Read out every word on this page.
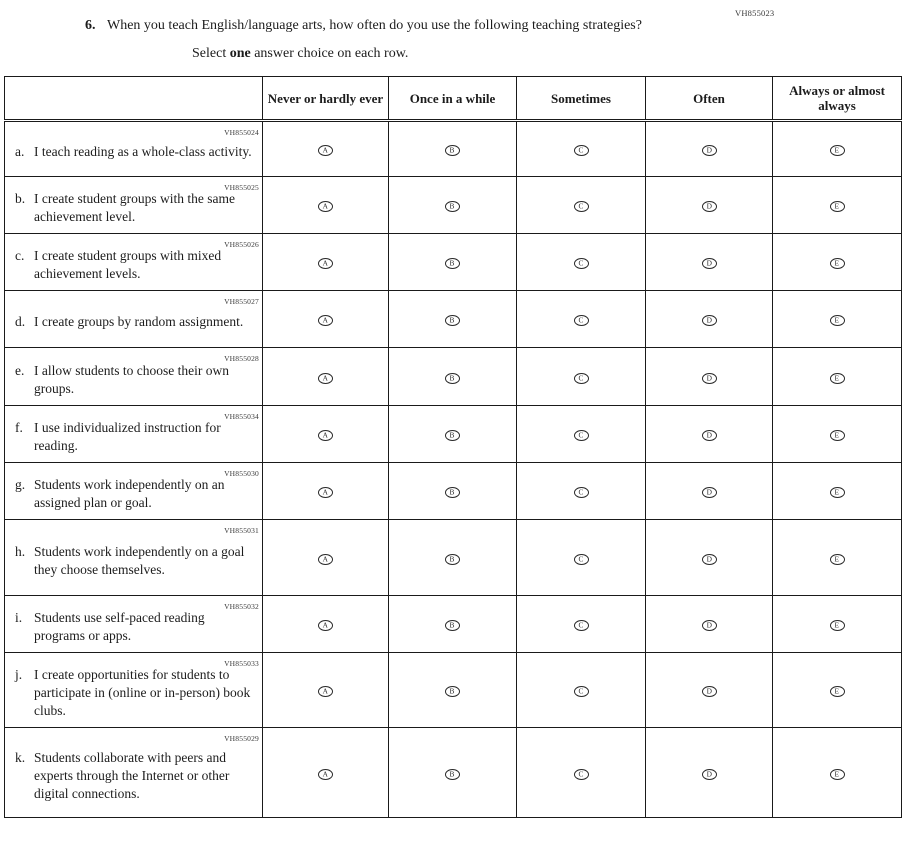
VH855023
6. When you teach English/language arts, how often do you use the following teaching strategies?
Select one answer choice on each row.
	Never or hardly ever	Once in a while	Sometimes	Often	Always or almost always

VH855024
a. I teach reading as a whole-class activity.	A	B	C	D	E

VH855025
b. I create student groups with the same achievement level.	A	B	C	D	E

VH855026
c. I create student groups with mixed achievement levels.	A	B	C	D	E

VH855027
d. I create groups by random assignment.	A	B	C	D	E

VH855028
e. I allow students to choose their own groups.	A	B	C	D	E

VH855034
f. I use individualized instruction for reading.	A	B	C	D	E

VH855030
g. Students work independently on an assigned plan or goal.	A	B	C	D	E

VH855031
h. Students work independently on a goal they choose themselves.	A	B	C	D	E

VH855032
i. Students use self-paced reading programs or apps.	A	B	C	D	E

VH855033
j. I create opportunities for students to participate in (online or in-person) book clubs.	A	B	C	D	E

VH855029
k. Students collaborate with peers and experts through the Internet or other digital connections.	A	B	C	D	E
